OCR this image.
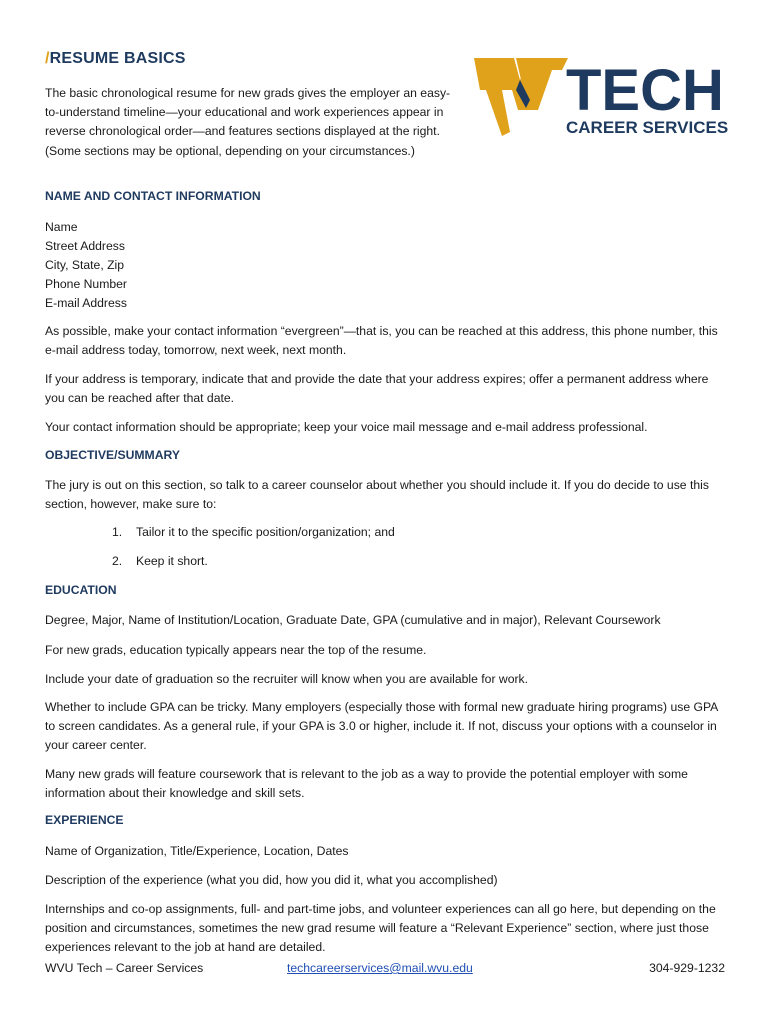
/RESUME BASICS	TECH
CAREER SERVICES
The basic chronological resume for new grads gives the employer an easy-to-understand timeline—your educational and work experiences appear in reverse chronological order—and features sections displayed at the right. (Some sections may be optional, depending on your circumstances.)
NAME AND CONTACT INFORMATION
Name
Street Address
City, State, Zip
Phone Number
E-mail Address
As possible, make your contact information “evergreen”—that is, you can be reached at this address, this phone number, this e-mail address today, tomorrow, next week, next month.
If your address is temporary, indicate that and provide the date that your address expires; offer a permanent address where you can be reached after that date.
Your contact information should be appropriate; keep your voice mail message and e-mail address professional.
OBJECTIVE/SUMMARY
The jury is out on this section, so talk to a career counselor about whether you should include it. If you do decide to use this section, however, make sure to:
1. Tailor it to the specific position/organization; and
2. Keep it short.
EDUCATION
Degree, Major, Name of Institution/Location, Graduate Date, GPA (cumulative and in major), Relevant Coursework
For new grads, education typically appears near the top of the resume.
Include your date of graduation so the recruiter will know when you are available for work.
Whether to include GPA can be tricky. Many employers (especially those with formal new graduate hiring programs) use GPA to screen candidates. As a general rule, if your GPA is 3.0 or higher, include it. If not, discuss your options with a counselor in your career center.
Many new grads will feature coursework that is relevant to the job as a way to provide the potential employer with some information about their knowledge and skill sets.
EXPERIENCE
Name of Organization, Title/Experience, Location, Dates
Description of the experience (what you did, how you did it, what you accomplished)
Internships and co-op assignments, full- and part-time jobs, and volunteer experiences can all go here, but depending on the position and circumstances, sometimes the new grad resume will feature a “Relevant Experience” section, where just those experiences relevant to the job at hand are detailed.
WVU Tech – Career Services	techcareerservices@mail.wvu.edu	304-929-1232
